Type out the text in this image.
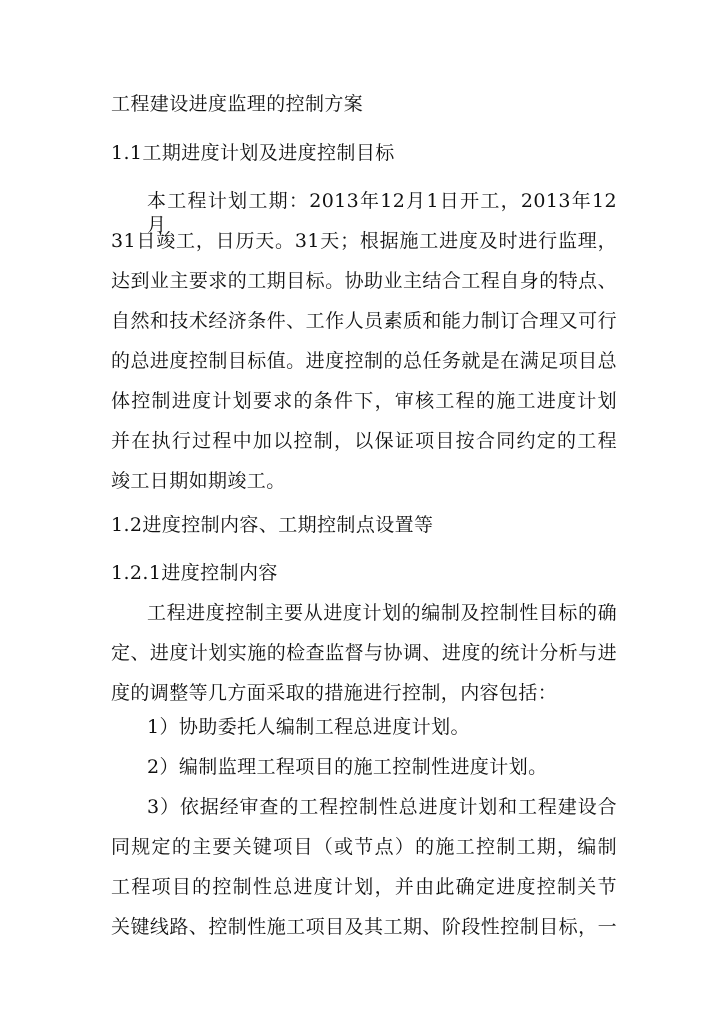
工程建设进度监理的控制方案
1.1工期进度计划及进度控制目标
本工程计划工期：2013年12月1日开工，2013年12月
31日竣工，日历天。31天；根据施工进度及时进行监理，
达到业主要求的工期目标。协助业主结合工程自身的特点、
自然和技术经济条件、工作人员素质和能力制订合理又可行
的总进度控制目标值。进度控制的总任务就是在满足项目总
体控制进度计划要求的条件下，审核工程的施工进度计划
并在执行过程中加以控制，以保证项目按合同约定的工程
竣工日期如期竣工。
1.2进度控制内容、工期控制点设置等
1.2.1进度控制内容
工程进度控制主要从进度计划的编制及控制性目标的确
定、进度计划实施的检查监督与协调、进度的统计分析与进
度的调整等几方面采取的措施进行控制，内容包括：
1）协助委托人编制工程总进度计划。
2）编制监理工程项目的施工控制性进度计划。
3）依据经审查的工程控制性总进度计划和工程建设合
同规定的主要关键项目（或节点）的施工控制工期，编制
工程项目的控制性总进度计划，并由此确定进度控制关节
关键线路、控制性施工项目及其工期、阶段性控制目标，一
